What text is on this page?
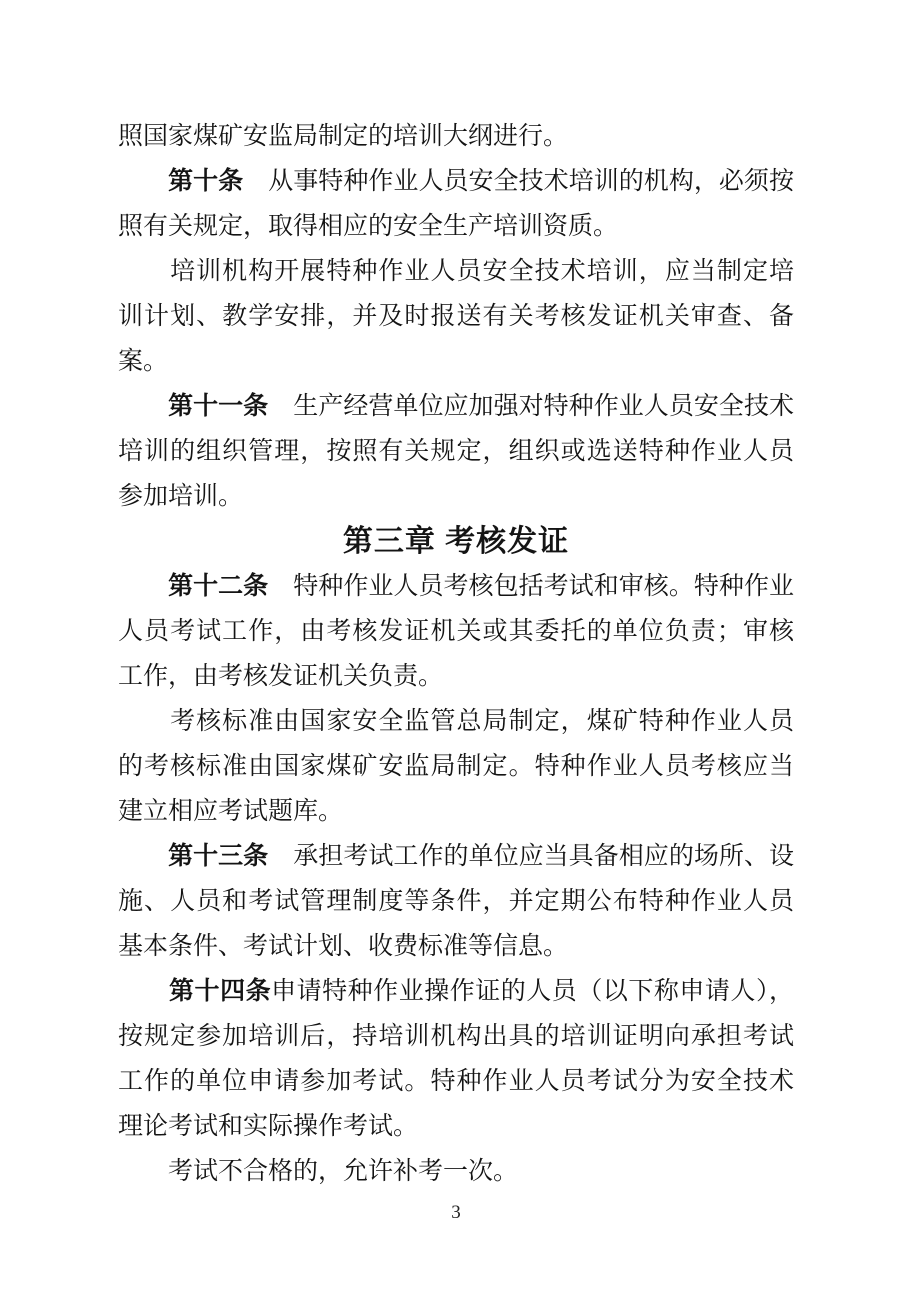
照国家煤矿安监局制定的培训大纲进行。
　　第十条　从事特种作业人员安全技术培训的机构，必须按
照有关规定，取得相应的安全生产培训资质。
　　培训机构开展特种作业人员安全技术培训，应当制定培
训计划、教学安排，并及时报送有关考核发证机关审查、备
案。
　　第十一条　生产经营单位应加强对特种作业人员安全技术
培训的组织管理，按照有关规定，组织或选送特种作业人员
参加培训。
第三章 考核发证
　　第十二条　特种作业人员考核包括考试和审核。特种作业
人员考试工作，由考核发证机关或其委托的单位负责；审核
工作，由考核发证机关负责。
　　考核标准由国家安全监管总局制定，煤矿特种作业人员
的考核标准由国家煤矿安监局制定。特种作业人员考核应当
建立相应考试题库。
　　第十三条　承担考试工作的单位应当具备相应的场所、设
施、人员和考试管理制度等条件，并定期公布特种作业人员
基本条件、考试计划、收费标准等信息。
　　第十四条申请特种作业操作证的人员（以下称申请人），
按规定参加培训后，持培训机构出具的培训证明向承担考试
工作的单位申请参加考试。特种作业人员考试分为安全技术
理论考试和实际操作考试。
　　考试不合格的，允许补考一次。
3
